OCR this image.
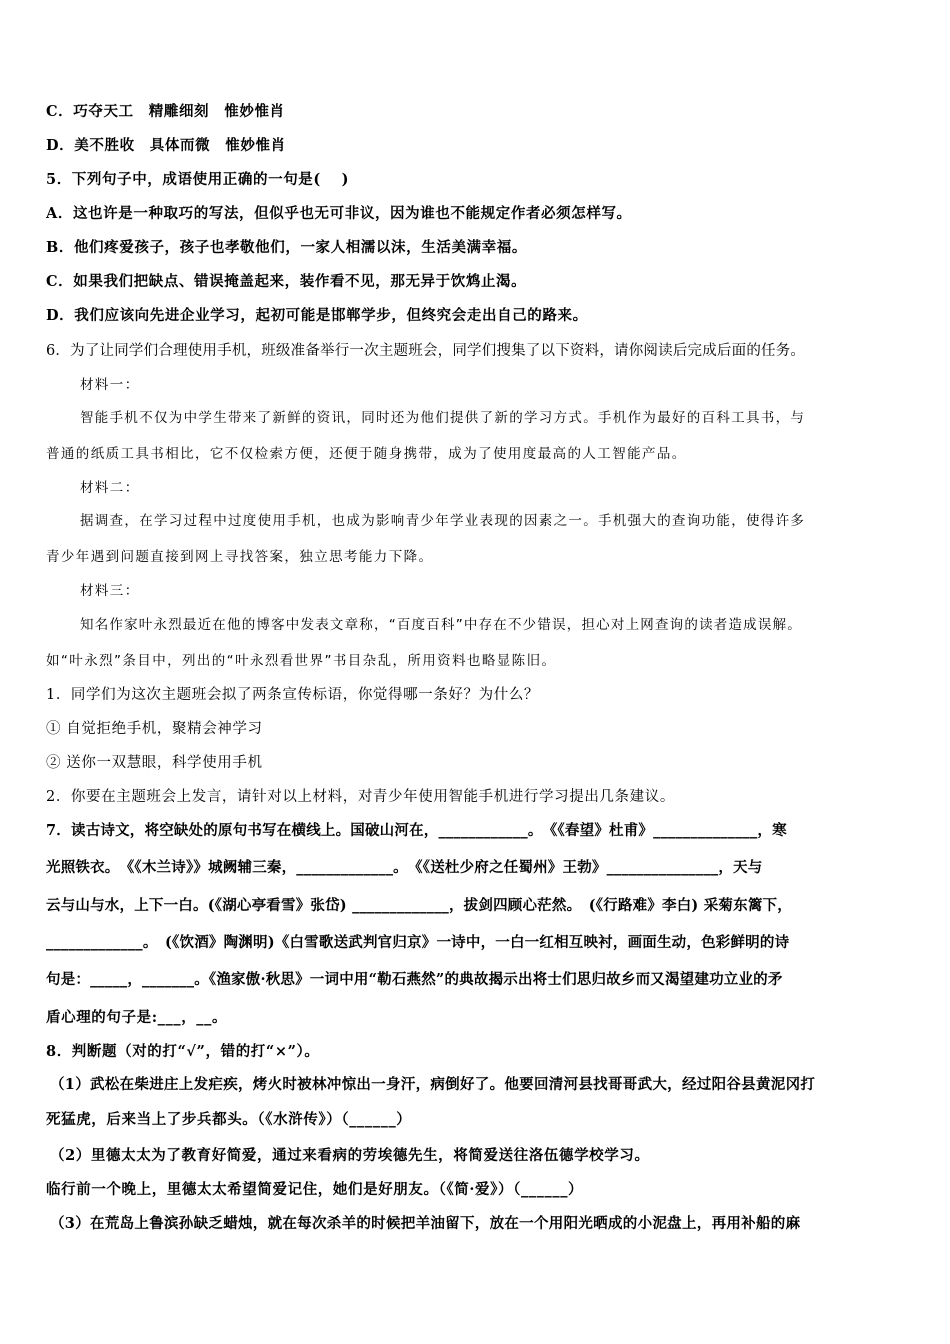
C．巧夺天工　精雕细刻　惟妙惟肖
D．美不胜收　具体而微　惟妙惟肖
5．下列句子中，成语使用正确的一句是(　 )
A．这也许是一种取巧的写法，但似乎也无可非议，因为谁也不能规定作者必须怎样写。
B．他们疼爱孩子，孩子也孝敬他们，一家人相濡以沫，生活美满幸福。
C．如果我们把缺点、错误掩盖起来，装作看不见，那无异于饮鸩止渴。
D．我们应该向先进企业学习，起初可能是邯郸学步，但终究会走出自己的路来。
6．为了让同学们合理使用手机，班级准备举行一次主题班会，同学们搜集了以下资料，请你阅读后完成后面的任务。
材料一：
智能手机不仅为中学生带来了新鲜的资讯，同时还为他们提供了新的学习方式。手机作为最好的百科工具书，与
普通的纸质工具书相比，它不仅检索方便，还便于随身携带，成为了使用度最高的人工智能产品。
材料二：
据调查，在学习过程中过度使用手机，也成为影响青少年学业表现的因素之一。手机强大的查询功能，使得许多
青少年遇到问题直接到网上寻找答案，独立思考能力下降。
材料三：
知名作家叶永烈最近在他的博客中发表文章称，“百度百科”中存在不少错误，担心对上网查询的读者造成误解。
如“叶永烈”条目中，列出的“叶永烈看世界”书目杂乱，所用资料也略显陈旧。
1．同学们为这次主题班会拟了两条宣传标语，你觉得哪一条好？为什么？
① 自觉拒绝手机，聚精会神学习
② 送你一双慧眼，科学使用手机
2．你要在主题班会上发言，请针对以上材料，对青少年使用智能手机进行学习提出几条建议。
7．读古诗文，将空缺处的原句书写在横线上。国破山河在，____________。　《《春望》杜甫》______________，寒
光照铁衣。　《《木兰诗》》城阙辅三秦，_____________。　《《送杜少府之任蜀州》王勃》_______________，天与
云与山与水，上下一白。(《湖心亭看雪》张岱) _____________，拔剑四顾心茫然。　(《行路难》李白) 采菊东篱下，
_____________。　(《饮酒》陶渊明)《白雪歌送武判官归京》一诗中，一白一红相互映衬，画面生动，色彩鲜明的诗
句是：_____，_______。《渔家傲·秋思》一词中用“勒石燕然”的典故揭示出将士们思归故乡而又渴望建功立业的矛
盾心理的句子是:___，__。
8．判断题（对的打“√”，错的打“×”）。
（1）武松在柴进庄上发疟疾，烤火时被林冲惊出一身汗，病倒好了。他要回清河县找哥哥武大，经过阳谷县黄泥冈打
死猛虎，后来当上了步兵都头。（《水浒传》）（______）
（2）里德太太为了教育好简爱，通过来看病的劳埃德先生，将简爱送往洛伍德学校学习。
临行前一个晚上，里德太太希望简爱记住，她们是好朋友。（《简·爱》）（______）
（3）在荒岛上鲁滨孙缺乏蜡烛，就在每次杀羊的时候把羊油留下，放在一个用阳光晒成的小泥盘上，再用补船的麻
